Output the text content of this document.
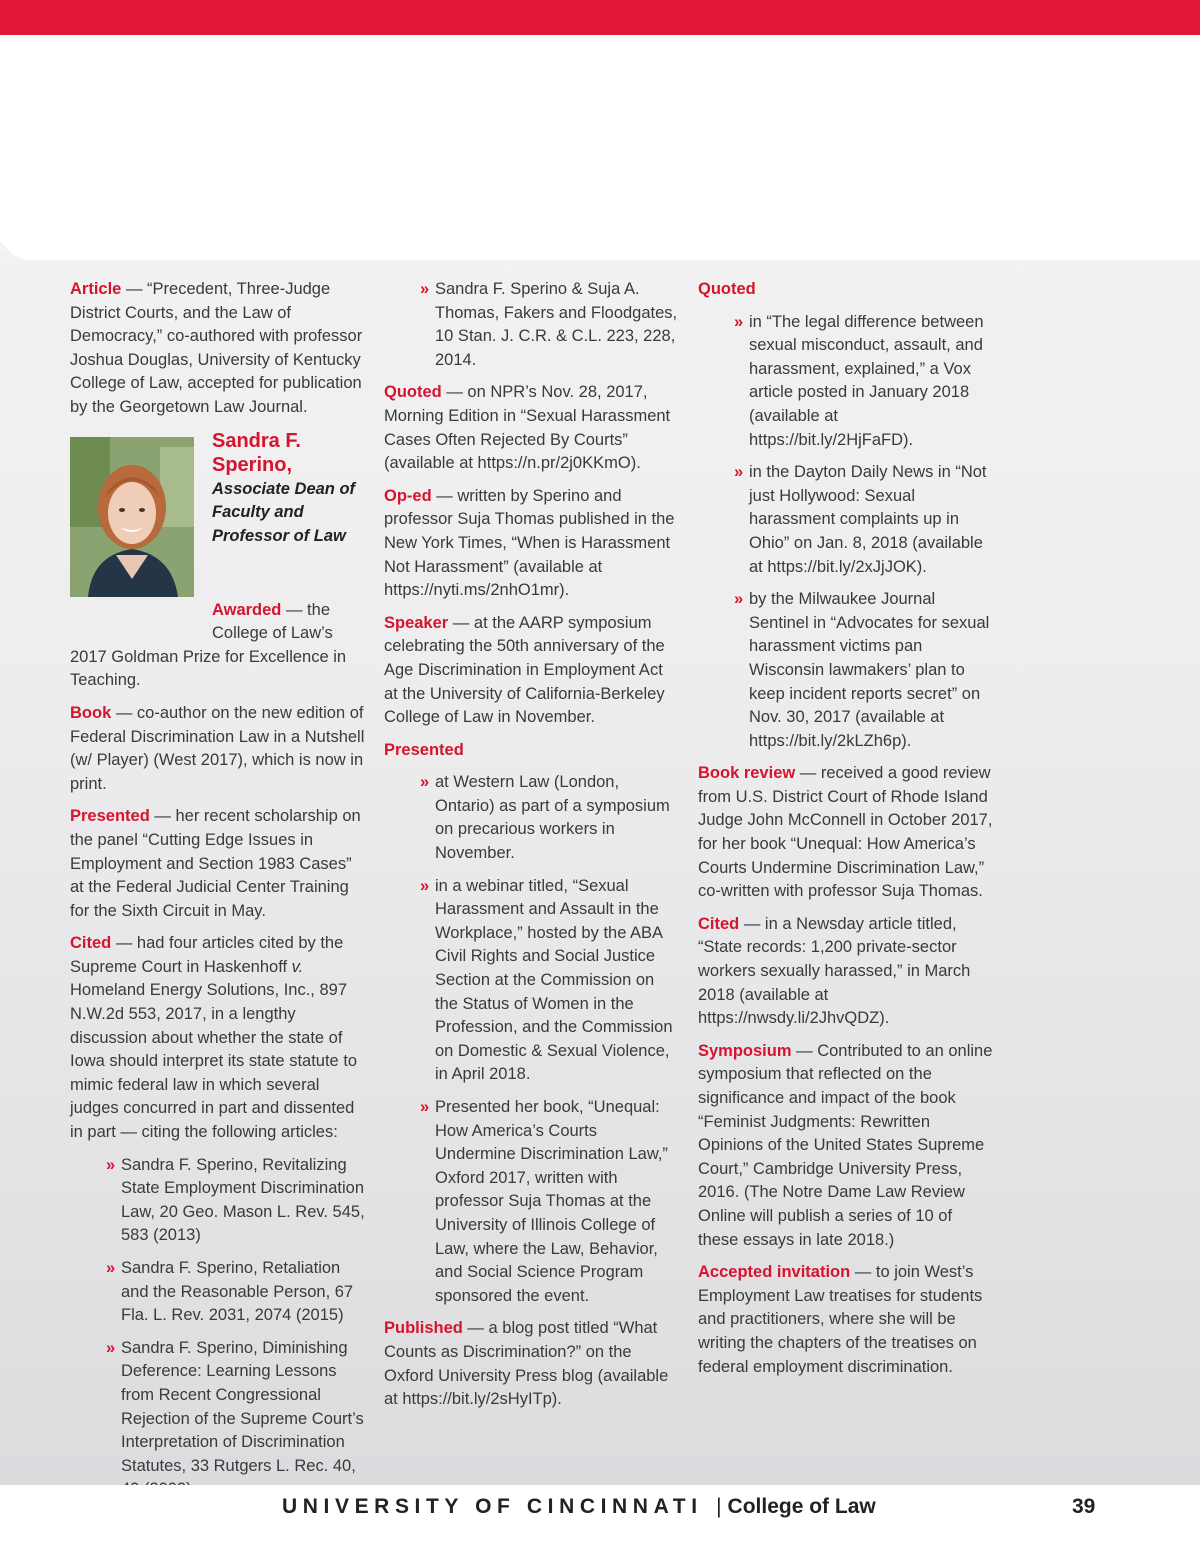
Article — “Precedent, Three-Judge District Courts, and the Law of Democracy,” co-authored with professor Joshua Douglas, University of Kentucky College of Law, accepted for publication by the Georgetown Law Journal.

Sandra F. Sperino,
Associate Dean of Faculty and Professor of Law

Awarded — the College of Law’s
2017 Goldman Prize for Excellence in Teaching.

Book — co-author on the new edition of Federal Discrimination Law in a Nutshell (w/ Player) (West 2017), which is now in print.

Presented — her recent scholarship on the panel “Cutting Edge Issues in Employment and Section 1983 Cases” at the Federal Judicial Center Training for the Sixth Circuit in May.

Cited — had four articles cited by the Supreme Court in Haskenhoff v. Homeland Energy Solutions, Inc., 897 N.W.2d 553, 2017, in a lengthy discussion about whether the state of Iowa should interpret its state statute to mimic federal law in which several judges concurred in part and dissented in part — citing the following articles:

» Sandra F. Sperino, Revitalizing State Employment Discrimination Law, 20 Geo. Mason L. Rev. 545, 583 (2013)
» Sandra F. Sperino, Retaliation and the Reasonable Person, 67 Fla. L. Rev. 2031, 2074 (2015)
» Sandra F. Sperino, Diminishing Deference: Learning Lessons from Recent Congressional Rejection of the Supreme Court’s Interpretation of Discrimination Statutes, 33 Rutgers L. Rec. 40,
» Sandra F. Sperino & Suja A. Thomas, Fakers and Floodgates, 10 Stan. J. C.R. & C.L. 223, 228, 2014.

Quoted — on NPR’s Nov. 28, 2017, Morning Edition in “Sexual Harassment Cases Often Rejected By Courts” (available at https://n.pr/2j0KKmO).

Op-ed — written by Sperino and professor Suja Thomas published in the New York Times, “When is Harassment Not Harassment” (available at https://nyti.ms/2nhO1mr).

Speaker — at the AARP symposium celebrating the 50th anniversary of the Age Discrimination in Employment Act at the University of California-Berkeley College of Law in November.

Presented
» at Western Law (London, Ontario) as part of a symposium on precarious workers in November.
» in a webinar titled, “Sexual Harassment and Assault in the Workplace,” hosted by the ABA Civil Rights and Social Justice Section at the Commission on the Status of Women in the Profession, and the Commission on Domestic & Sexual Violence, in April 2018.
» Presented her book, “Unequal: How America’s Courts Undermine Discrimination Law,” Oxford 2017, written with professor Suja Thomas at the University of Illinois College of Law, where the Law, Behavior, and Social Science Program sponsored the event.

Published — a blog post titled “What Counts as Discrimination?” on the Oxford University Press blog (available at https://bit.ly/2sHyITp).

Quoted
» in “The legal difference between sexual misconduct, assault, and harassment, explained,” a Vox article posted in January 2018 (available at https://bit.ly/2HjFaFD).
» in the Dayton Daily News in “Not just Hollywood: Sexual harassment complaints up in Ohio” on Jan. 8, 2018 (available at https://bit.ly/2xJjJOK).
» by the Milwaukee Journal Sentinel in “Advocates for sexual harassment victims pan Wisconsin lawmakers’ plan to keep incident reports secret” on Nov. 30, 2017 (available at https://bit.ly/2kLZh6p).

Book review — received a good review from U.S. District Court of Rhode Island Judge John McConnell in October 2017, for her book “Unequal: How America’s Courts Undermine Discrimination Law,” co-written with professor Suja Thomas.

Cited — in a Newsday article titled, “State records: 1,200 private-sector workers sexually harassed,” in March 2018 (available at https://nwsdy.li/2JhvQDZ).

Symposium — Contributed to an online symposium that reflected on the significance and impact of the book “Feminist Judgments: Rewritten Opinions of the United States Supreme Court,” Cambridge University Press, 2016. (The Notre Dame Law Review Online will publish a series of 10 of these essays in late 2018.)

Accepted invitation — to join West’s Employment Law treatises for students and practitioners, where she will be writing the chapters of the treatises on federal employment discrimination.

UNIVERSITY OF CINCINNATI | College of Law	39
